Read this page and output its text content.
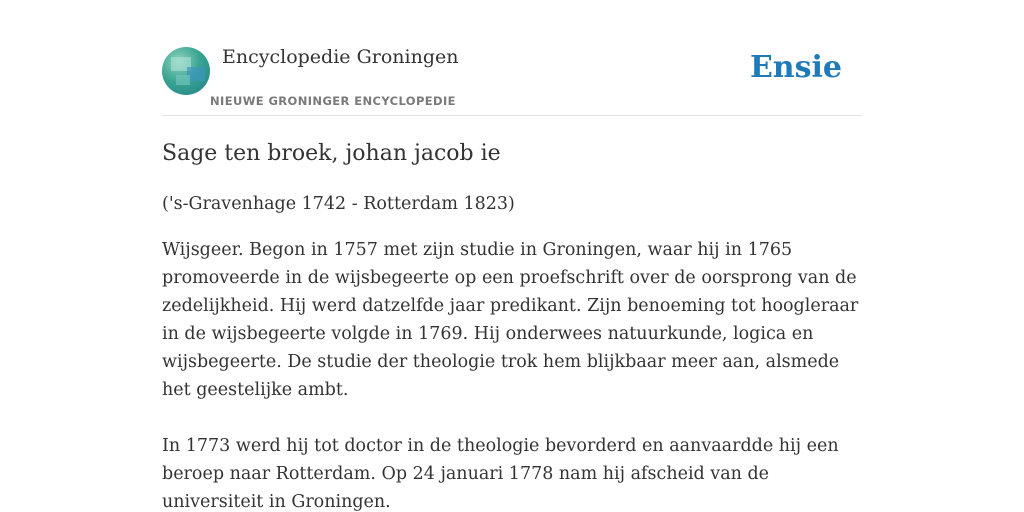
Encyclopedie Groningen
NIEUWE GRONINGER ENCYCLOPEDIE
Ensie
Sage ten broek, johan jacob ie

('s-Gravenhage 1742 - Rotterdam 1823)

Wijsgeer. Begon in 1757 met zijn studie in Groningen, waar hij in 1765 promoveerde in de wijsbegeerte op een proefschrift over de oorsprong van de zedelijkheid. Hij werd datzelfde jaar predikant. Zijn benoeming tot hoogleraar in de wijsbegeerte volgde in 1769. Hij onderwees natuurkunde, logica en wijsbegeerte. De studie der theologie trok hem blijkbaar meer aan, alsmede het geestelijke ambt.

In 1773 werd hij tot doctor in de theologie bevorderd en aanvaardde hij een beroep naar Rotterdam. Op 24 januari 1778 nam hij afscheid van de universiteit in Groningen.
